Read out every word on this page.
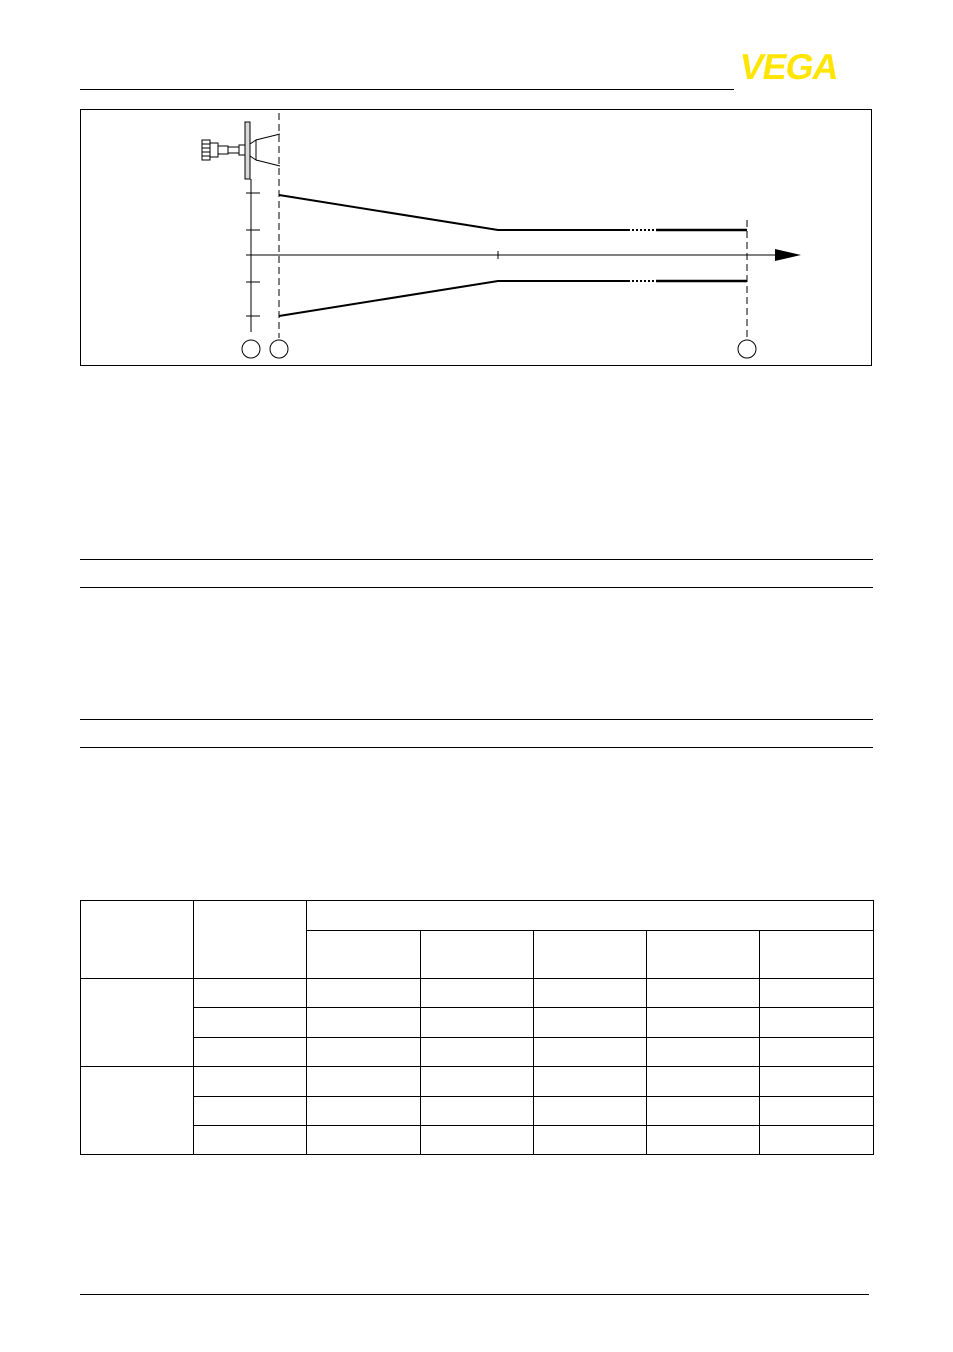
VEGA
